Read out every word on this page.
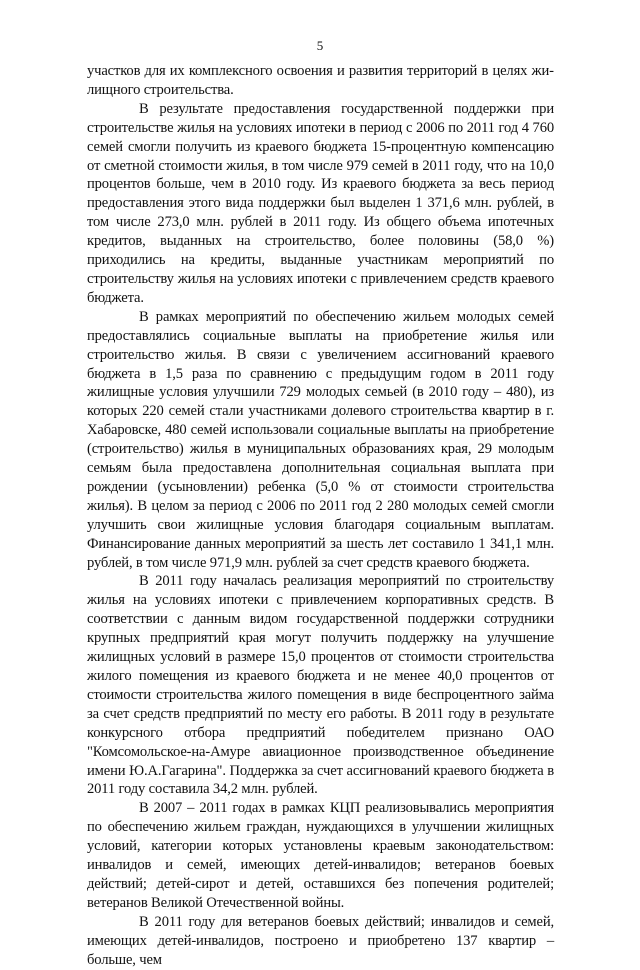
5

участков для их комплексного освоения и развития территорий в целях жилищного строительства.

В результате предоставления государственной поддержки при строительстве жилья на условиях ипотеки в период с 2006 по 2011 год 4 760 семей смогли получить из краевого бюджета 15-процентную компенсацию от сметной стоимости жилья, в том числе 979 семей в 2011 году, что на 10,0 процентов больше, чем в 2010 году. Из краевого бюджета за весь период предоставления этого вида поддержки был выделен 1 371,6 млн. рублей, в том числе 273,0 млн. рублей в 2011 году. Из общего объема ипотечных кредитов, выданных на строительство, более половины (58,0 %) приходились на кредиты, выданные участникам мероприятий по строительству жилья на условиях ипотеки с привлечением средств краевого бюджета.

В рамках мероприятий по обеспечению жильем молодых семей предоставлялись социальные выплаты на приобретение жилья или строительство жилья. В связи с увеличением ассигнований краевого бюджета в 1,5 раза по сравнению с предыдущим годом в 2011 году жилищные условия улучшили 729 молодых семьей (в 2010 году – 480), из которых 220 семей стали участниками долевого строительства квартир в г. Хабаровске, 480 семей использовали социальные выплаты на приобретение (строительство) жилья в муниципальных образованиях края, 29 молодым семьям была предоставлена дополнительная социальная выплата при рождении (усыновлении) ребенка (5,0 % от стоимости строительства жилья). В целом за период с 2006 по 2011 год 2 280 молодых семей смогли улучшить свои жилищные условия благодаря социальным выплатам. Финансирование данных мероприятий за шесть лет составило 1 341,1 млн. рублей, в том числе 971,9 млн. рублей за счет средств краевого бюджета.

В 2011 году началась реализация мероприятий по строительству жилья на условиях ипотеки с привлечением корпоративных средств. В соответствии с данным видом государственной поддержки сотрудники крупных предприятий края могут получить поддержку на улучшение жилищных условий в размере 15,0 процентов от стоимости строительства жилого помещения из краевого бюджета и не менее 40,0 процентов от стоимости строительства жилого помещения в виде беспроцентного займа за счет средств предприятий по месту его работы. В 2011 году в результате конкурсного отбора предприятий победителем признано ОАО "Комсомольское-на-Амуре авиационное производственное объединение имени Ю.А.Гагарина". Поддержка за счет ассигнований краевого бюджета в 2011 году составила 34,2 млн. рублей.

В 2007 – 2011 годах в рамках КЦП реализовывались мероприятия по обеспечению жильем граждан, нуждающихся в улучшении жилищных условий, категории которых установлены краевым законодательством: инвалидов и семей, имеющих детей-инвалидов; ветеранов боевых действий; детей-сирот и детей, оставшихся без попечения родителей; ветеранов Великой Отечественной войны.

В 2011 году для ветеранов боевых действий; инвалидов и семей, имеющих детей-инвалидов, построено и приобретено 137 квартир – больше, чем
